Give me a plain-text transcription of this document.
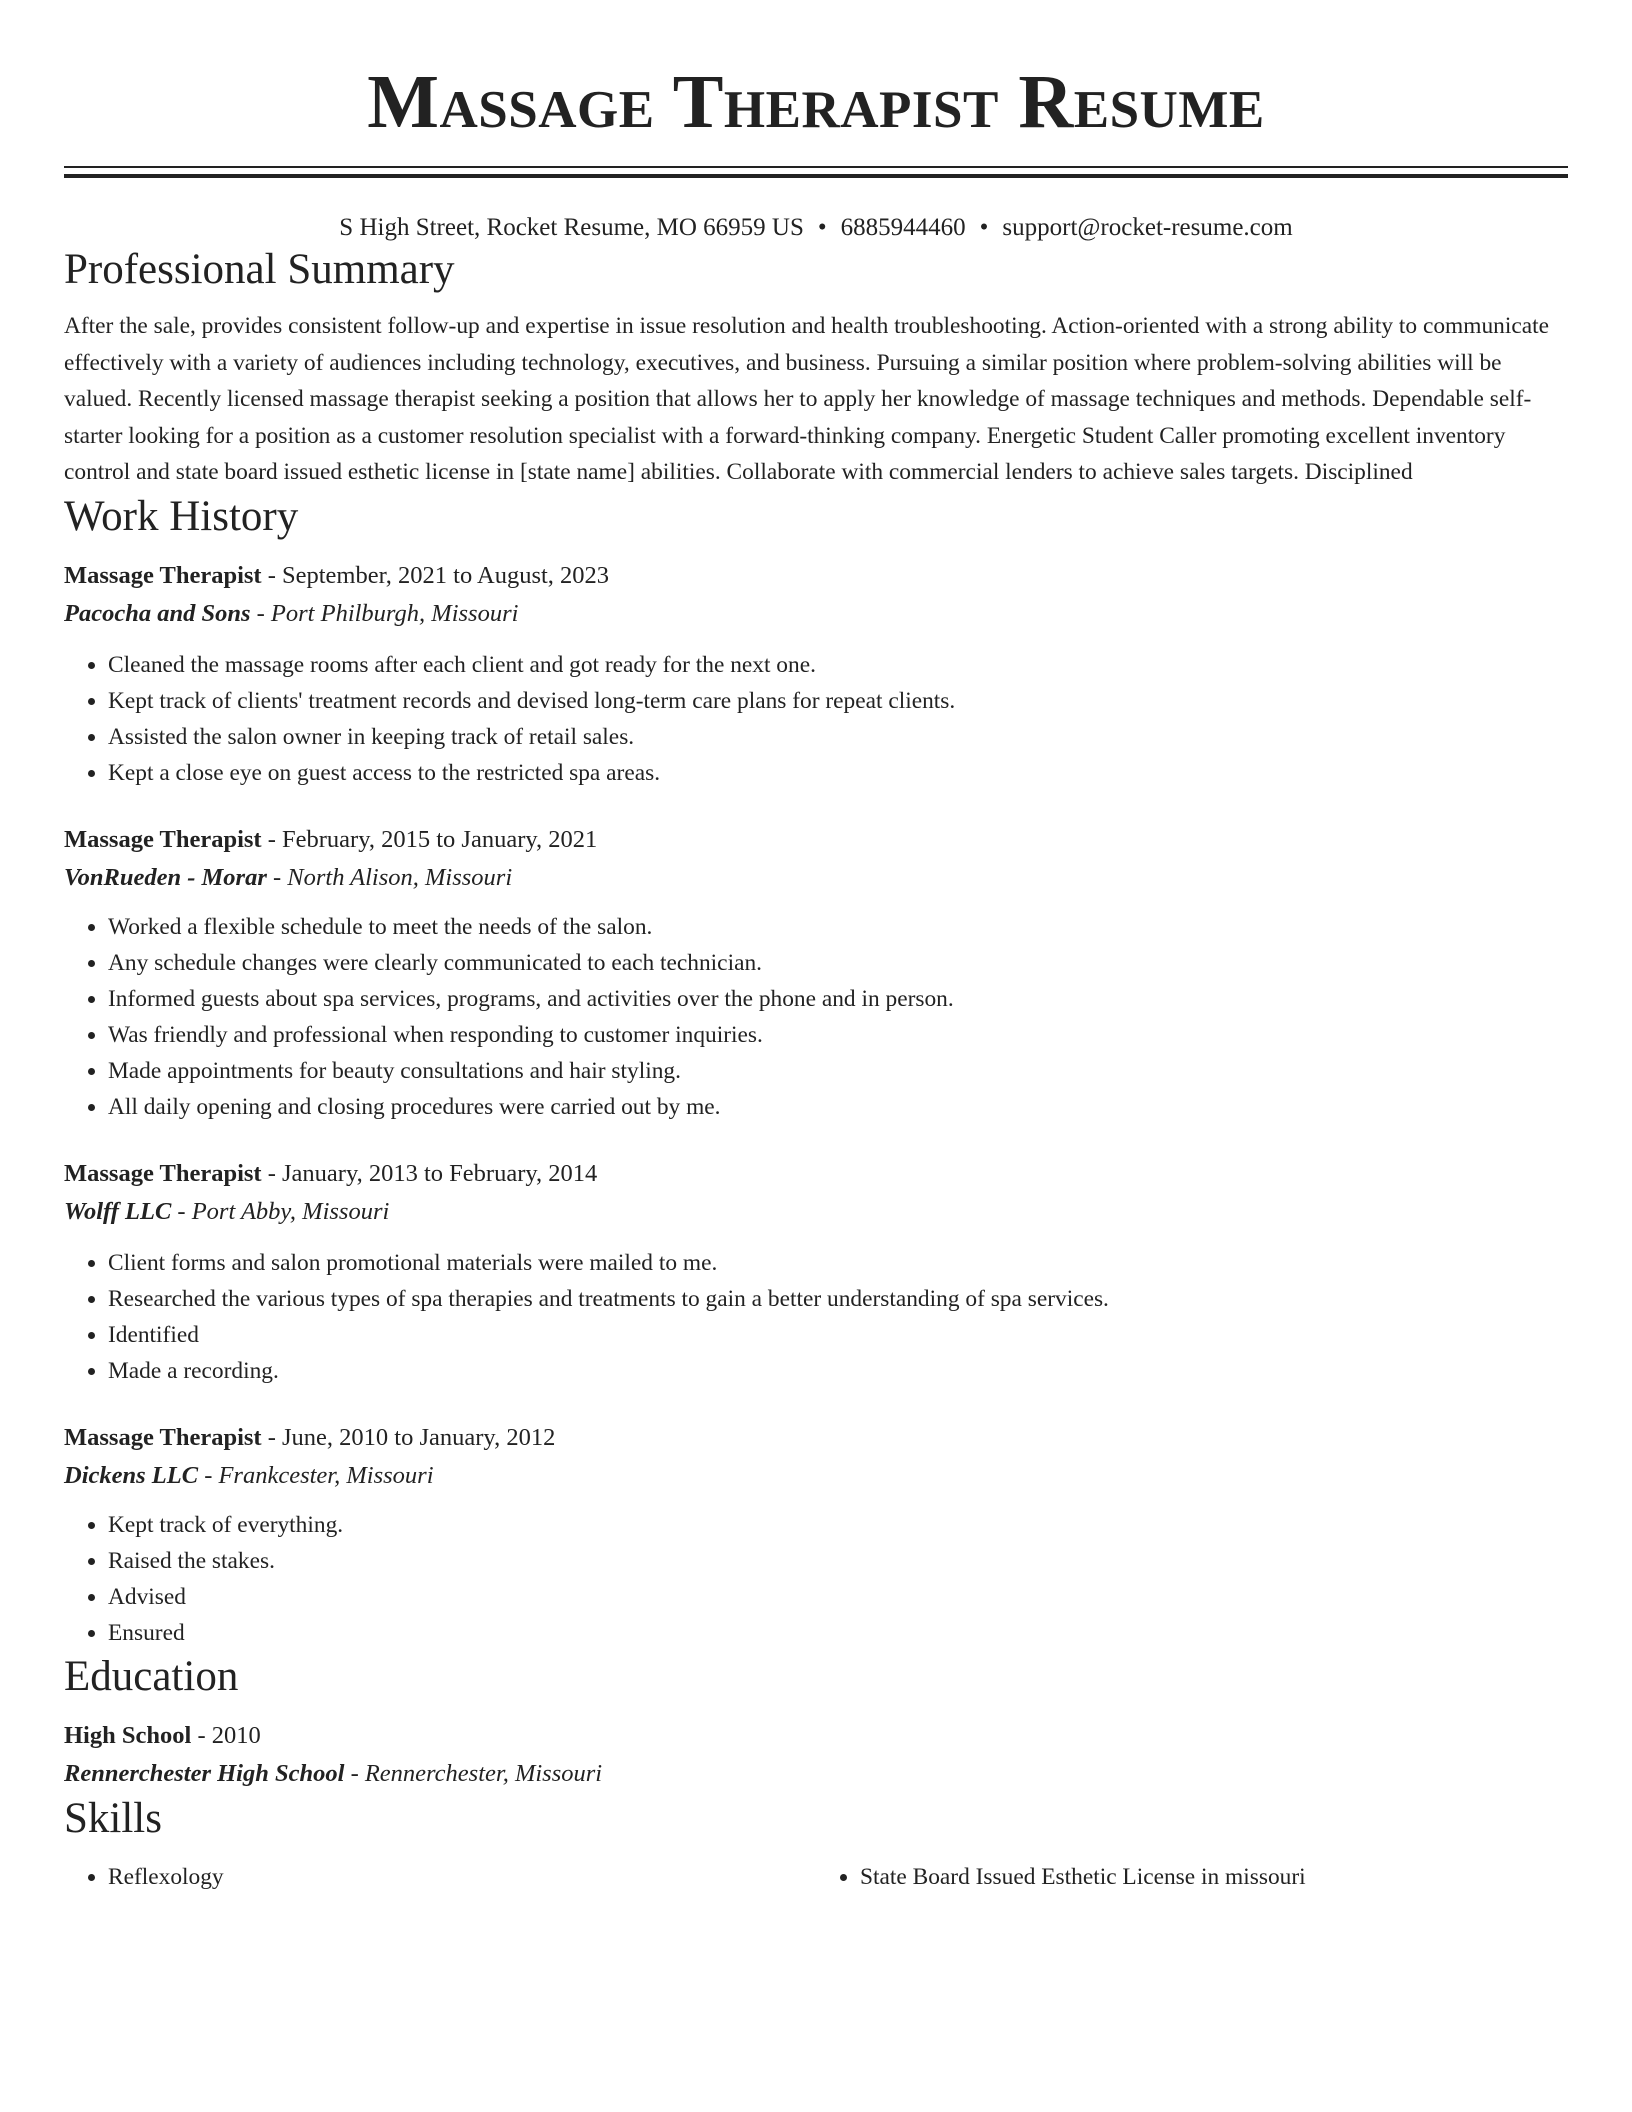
Massage Therapist Resume
S High Street, Rocket Resume, MO 66959 US • 6885944460 • support@rocket-resume.com
Professional Summary

After the sale, provides consistent follow-up and expertise in issue resolution and health troubleshooting. Action-oriented with a strong ability to communicate effectively with a variety of audiences including technology, executives, and business. Pursuing a similar position where problem-solving abilities will be valued. Recently licensed massage therapist seeking a position that allows her to apply her knowledge of massage techniques and methods. Dependable self-starter looking for a position as a customer resolution specialist with a forward-thinking company. Energetic Student Caller promoting excellent inventory control and state board issued esthetic license in [state name] abilities. Collaborate with commercial lenders to achieve sales targets. Disciplined

Work History
Massage Therapist - September, 2021 to August, 2023
Pacocha and Sons - Port Philburgh, Missouri
• Cleaned the massage rooms after each client and got ready for the next one.
• Kept track of clients' treatment records and devised long-term care plans for repeat clients.
• Assisted the salon owner in keeping track of retail sales.
• Kept a close eye on guest access to the restricted spa areas.
Massage Therapist - February, 2015 to January, 2021
VonRueden - Morar - North Alison, Missouri
• Worked a flexible schedule to meet the needs of the salon.
• Any schedule changes were clearly communicated to each technician.
• Informed guests about spa services, programs, and activities over the phone and in person.
• Was friendly and professional when responding to customer inquiries.
• Made appointments for beauty consultations and hair styling.
• All daily opening and closing procedures were carried out by me.
Massage Therapist - January, 2013 to February, 2014
Wolff LLC - Port Abby, Missouri
• Client forms and salon promotional materials were mailed to me.
• Researched the various types of spa therapies and treatments to gain a better understanding of spa services.
• Identified
• Made a recording.
Massage Therapist - June, 2010 to January, 2012
Dickens LLC - Frankcester, Missouri
• Kept track of everything.
• Raised the stakes.
• Advised
• Ensured
Education
High School - 2010
Rennerchester High School - Rennerchester, Missouri
Skills
• Reflexology
•	State Board Issued Esthetic License in missouri
